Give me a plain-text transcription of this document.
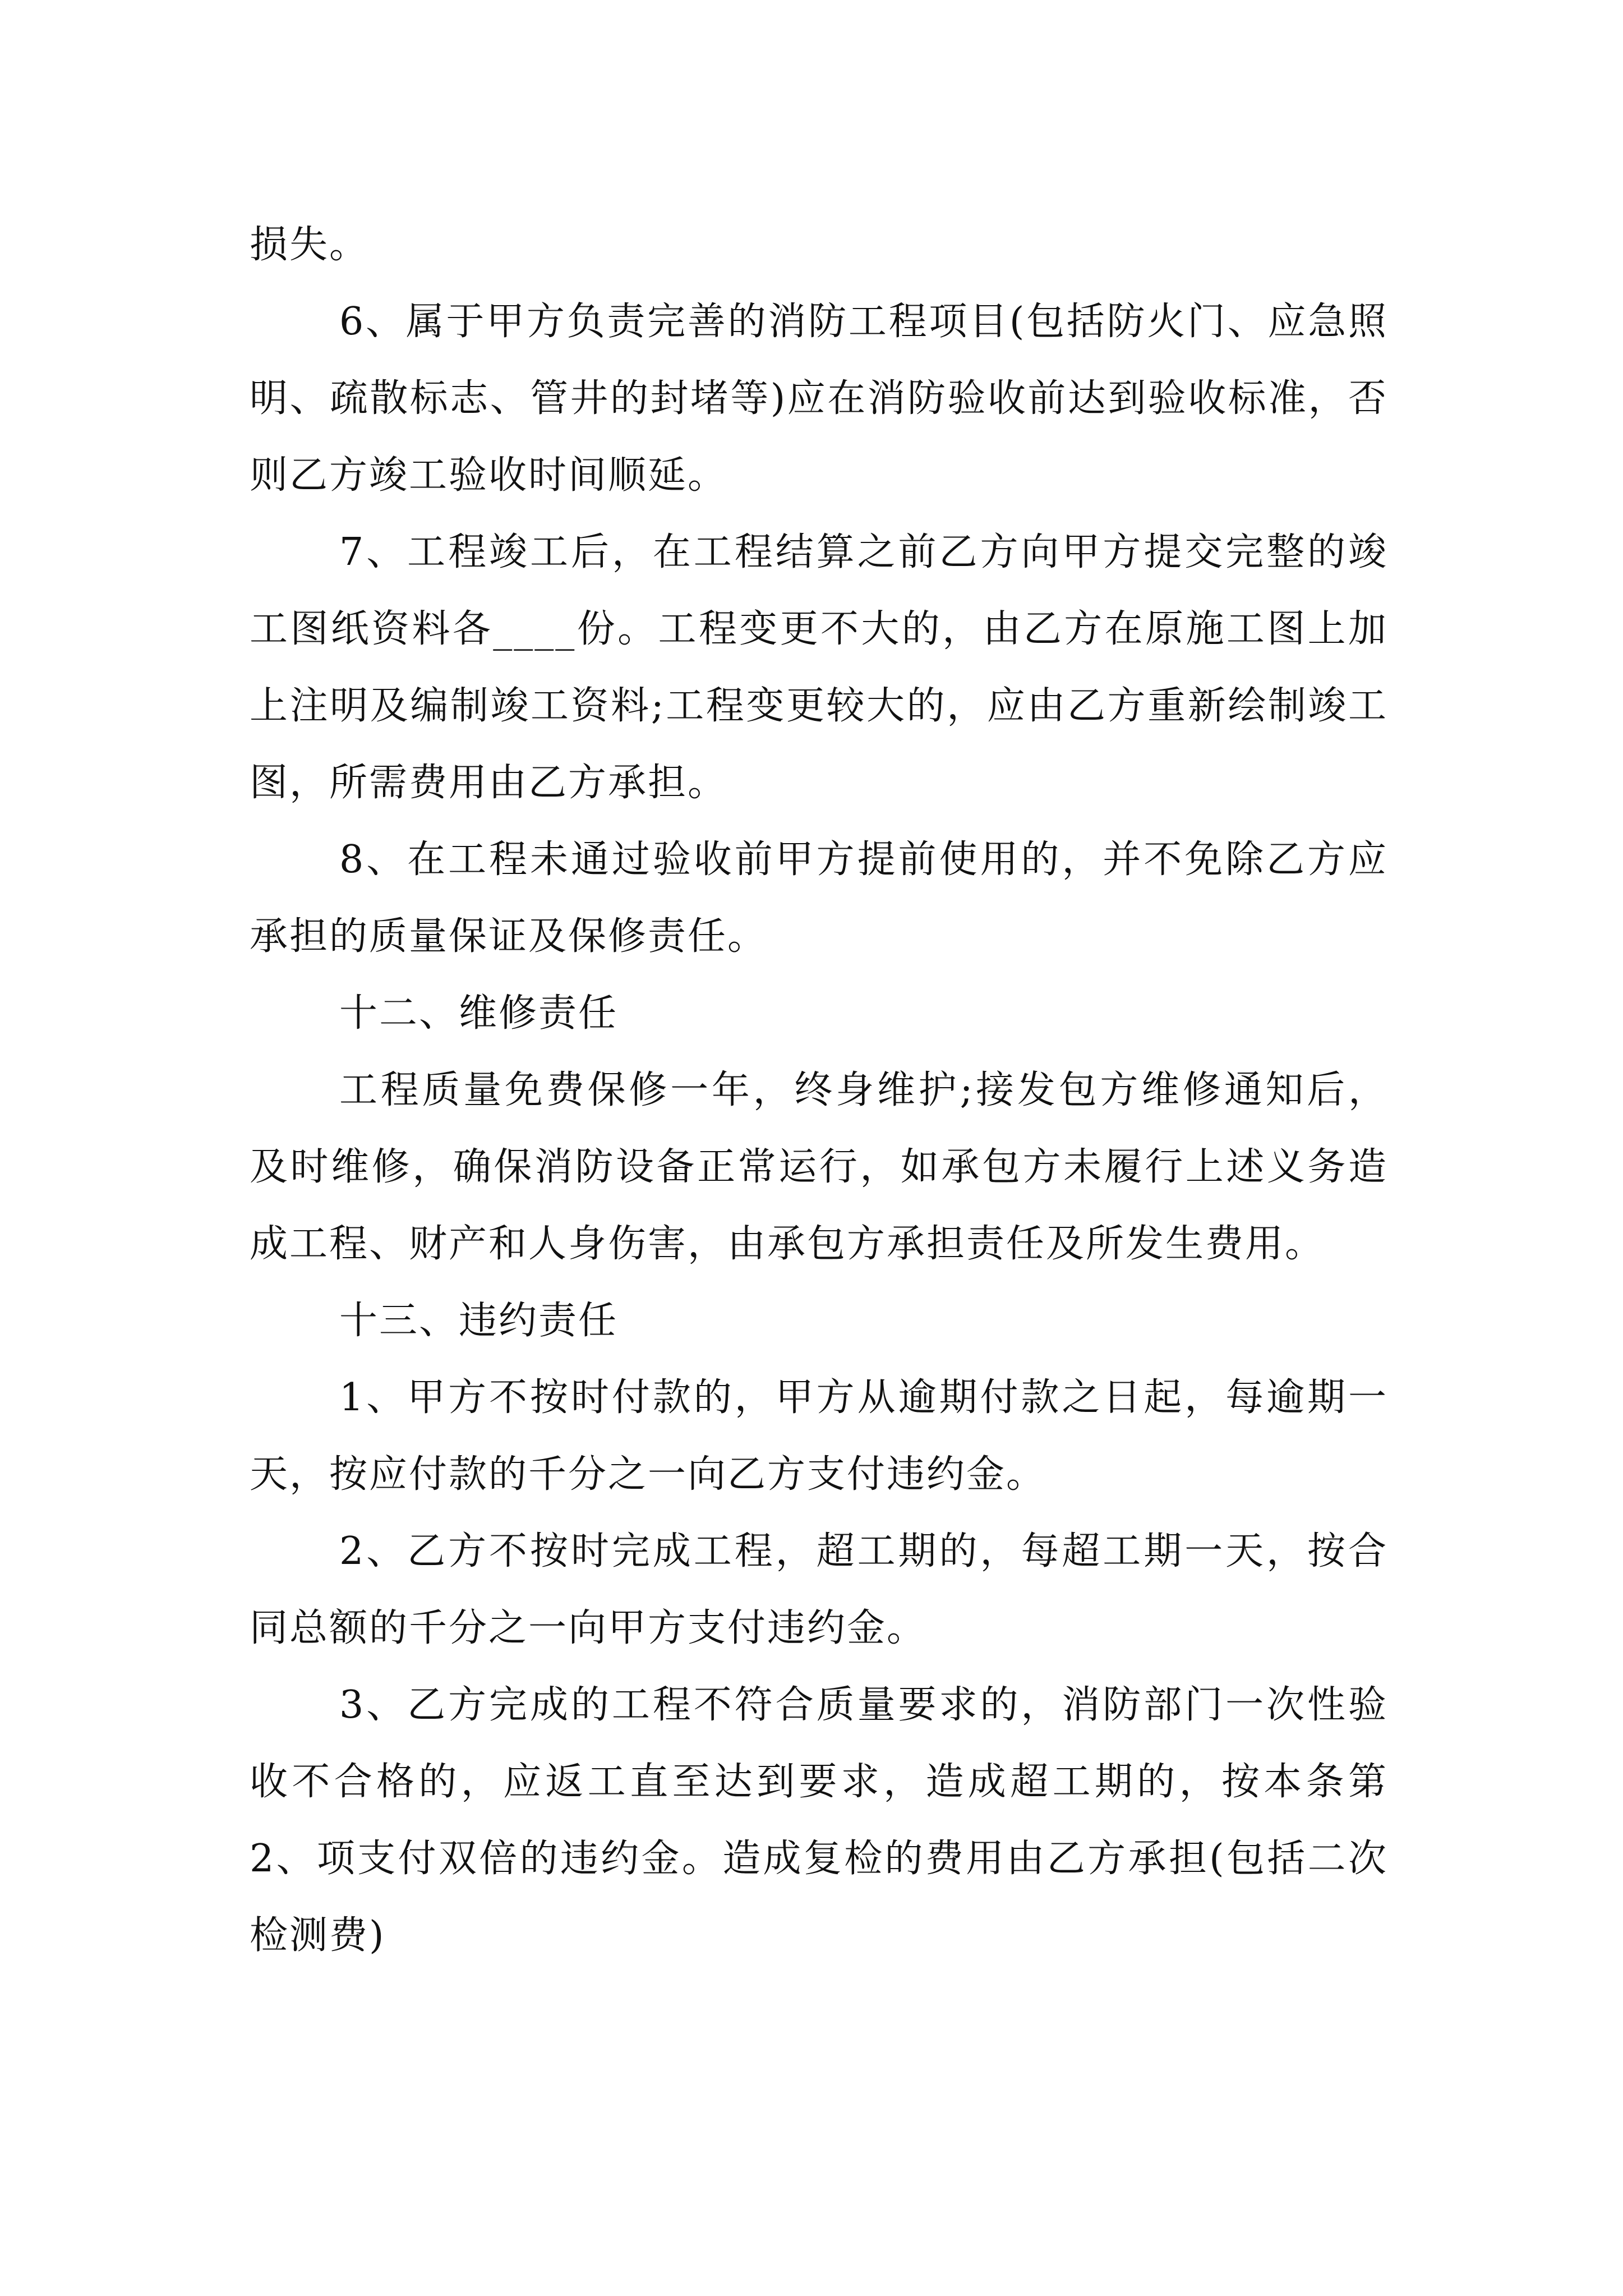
损失。

6、属于甲方负责完善的消防工程项目(包括防火门、应急照明、疏散标志、管井的封堵等)应在消防验收前达到验收标准，否则乙方竣工验收时间顺延。

7、工程竣工后，在工程结算之前乙方向甲方提交完整的竣工图纸资料各____份。工程变更不大的，由乙方在原施工图上加上注明及编制竣工资料;工程变更较大的，应由乙方重新绘制竣工图，所需费用由乙方承担。

8、在工程未通过验收前甲方提前使用的，并不免除乙方应承担的质量保证及保修责任。

十二、维修责任

工程质量免费保修一年，终身维护;接发包方维修通知后，及时维修，确保消防设备正常运行，如承包方未履行上述义务造成工程、财产和人身伤害，由承包方承担责任及所发生费用。

十三、违约责任

1、甲方不按时付款的，甲方从逾期付款之日起，每逾期一天，按应付款的千分之一向乙方支付违约金。

2、乙方不按时完成工程，超工期的，每超工期一天，按合同总额的千分之一向甲方支付违约金。

3、乙方完成的工程不符合质量要求的，消防部门一次性验收不合格的，应返工直至达到要求，造成超工期的，按本条第2、项支付双倍的违约金。造成复检的费用由乙方承担(包括二次检测费)
